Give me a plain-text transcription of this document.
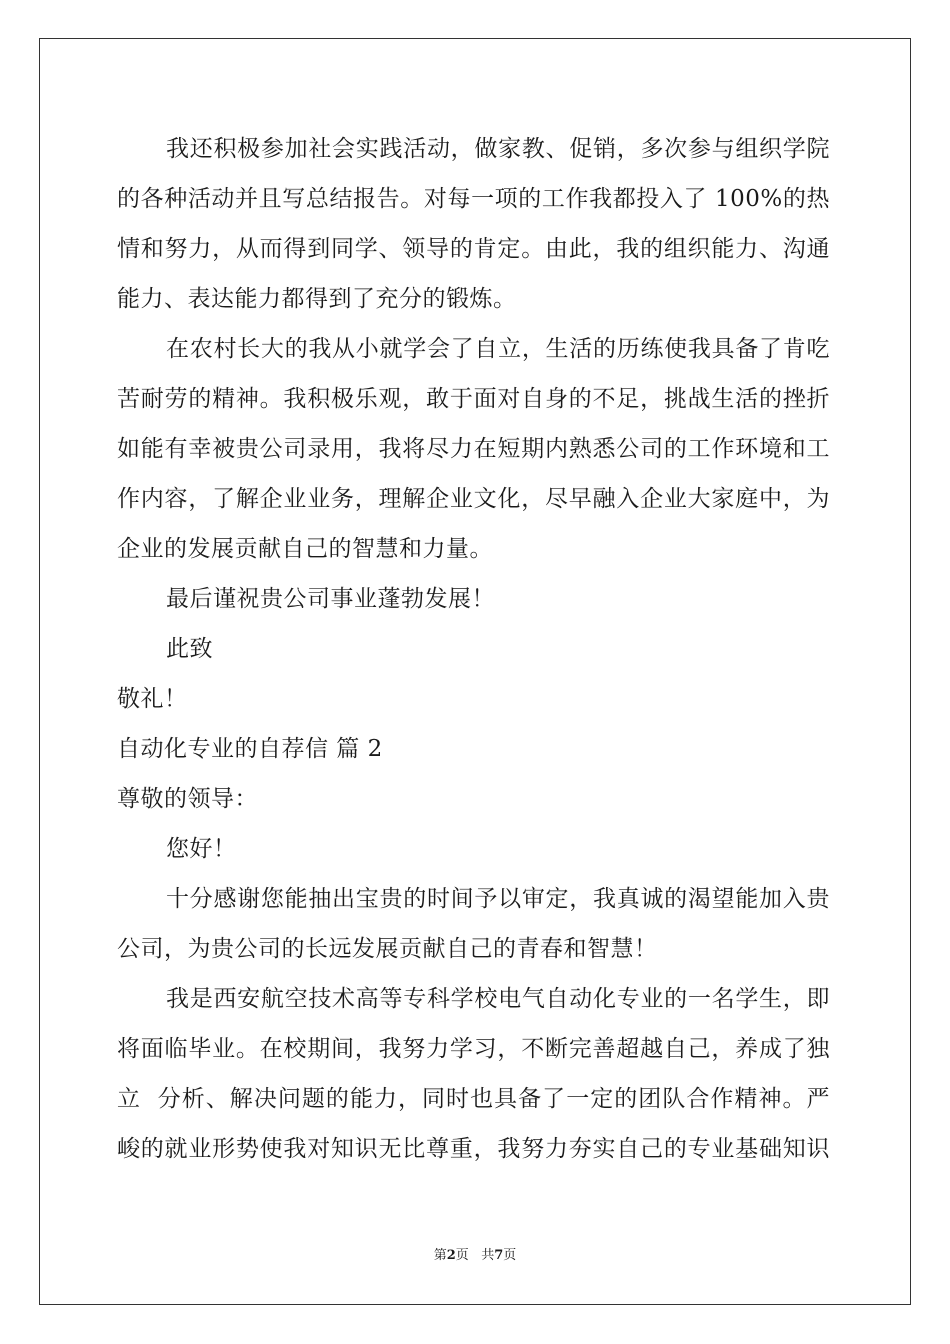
我还积极参加社会实践活动，做家教、促销，多次参与组织学院
的各种活动并且写总结报告。对每一项的工作我都投入了 100%的热
情和努力，从而得到同学、领导的肯定。由此，我的组织能力、沟通
能力、表达能力都得到了充分的锻炼。
在农村长大的我从小就学会了自立，生活的历练使我具备了肯吃
苦耐劳的精神。我积极乐观，敢于面对自身的不足，挑战生活的挫折
如能有幸被贵公司录用，我将尽力在短期内熟悉公司的工作环境和工
作内容，了解企业业务，理解企业文化，尽早融入企业大家庭中，为
企业的发展贡献自己的智慧和力量。
最后谨祝贵公司事业蓬勃发展！
此致
敬礼！
自动化专业的自荐信 篇 2
尊敬的领导：
您好！
十分感谢您能抽出宝贵的时间予以审定，我真诚的渴望能加入贵
公司，为贵公司的长远发展贡献自己的青春和智慧！
我是西安航空技术高等专科学校电气自动化专业的一名学生，即
将面临毕业。在校期间，我努力学习，不断完善超越自己，养成了独
立  分析、解决问题的能力，同时也具备了一定的团队合作精神。严
峻的就业形势使我对知识无比尊重，我努力夯实自己的专业基础知识
第2页 共7页
